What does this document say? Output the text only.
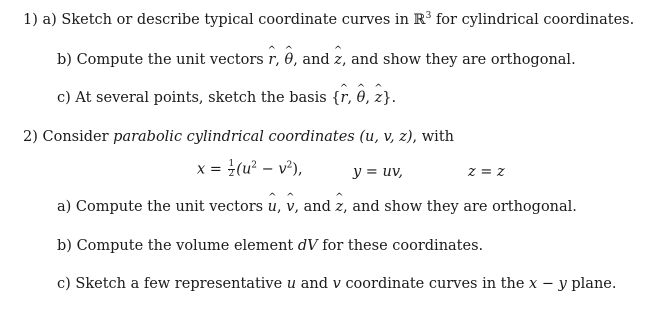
1) a) Sketch or describe typical coordinate curves in ℝ$^3$ for cylindrical coordinates.
b) Compute the unit vectors r ^, θ ^, and z ^, and show they are orthogonal.
c) At several points, sketch the basis {r ^, θ ^, z ^}.
2) Consider parabolic cylindrical coordinates (u, v, z), with
$x = \frac{1}{2} (u^2 - v^2)$,	y = uv,	z = z
a) Compute the unit vectors u ^, v ^, and z ^, and show they are orthogonal.
b) Compute the volume element dV for these coordinates.
c) Sketch a few representative u and v coordinate curves in the x − y plane.
